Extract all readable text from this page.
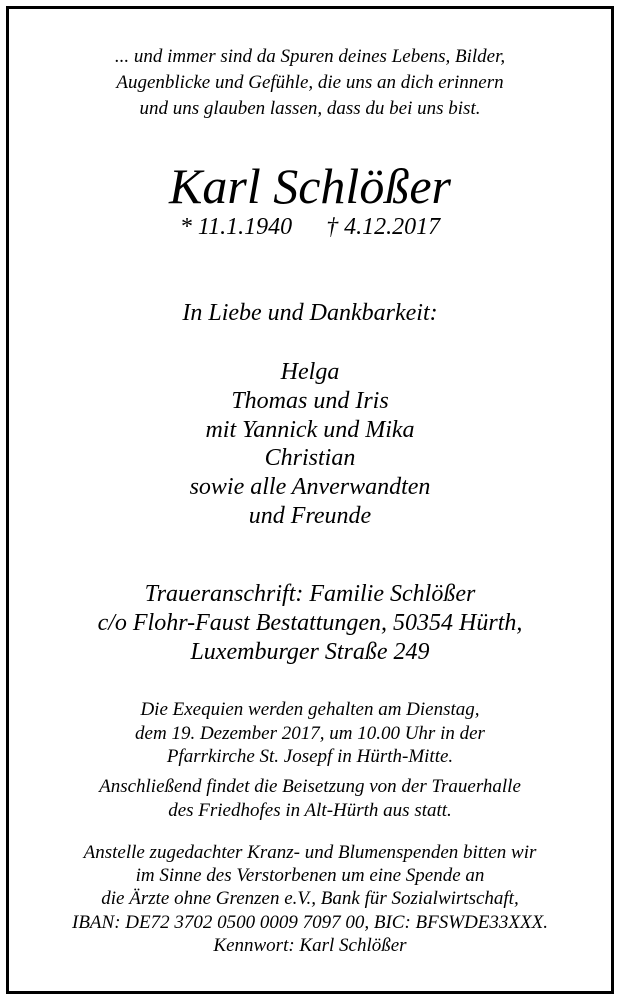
... und immer sind da Spuren deines Lebens, Bilder,
Augenblicke und Gefühle, die uns an dich erinnern
und uns glauben lassen, dass du bei uns bist.
Karl Schlößer
* 11.1.1940 † 4.12.2017
In Liebe und Dankbarkeit:
Helga
Thomas und Iris
mit Yannick und Mika
Christian
sowie alle Anverwandten
und Freunde
Traueranschrift: Familie Schlößer
c/o Flohr-Faust Bestattungen, 50354 Hürth,
Luxemburger Straße 249
Die Exequien werden gehalten am Dienstag,
dem 19. Dezember 2017, um 10.00 Uhr in der
Pfarrkirche St. Josepf in Hürth-Mitte.
Anschließend findet die Beisetzung von der Trauerhalle
des Friedhofes in Alt-Hürth aus statt.
Anstelle zugedachter Kranz- und Blumenspenden bitten wir
im Sinne des Verstorbenen um eine Spende an
die Ärzte ohne Grenzen e.V., Bank für Sozialwirtschaft,
IBAN: DE72 3702 0500 0009 7097 00, BIC: BFSWDE33XXX.
Kennwort: Karl Schlößer
